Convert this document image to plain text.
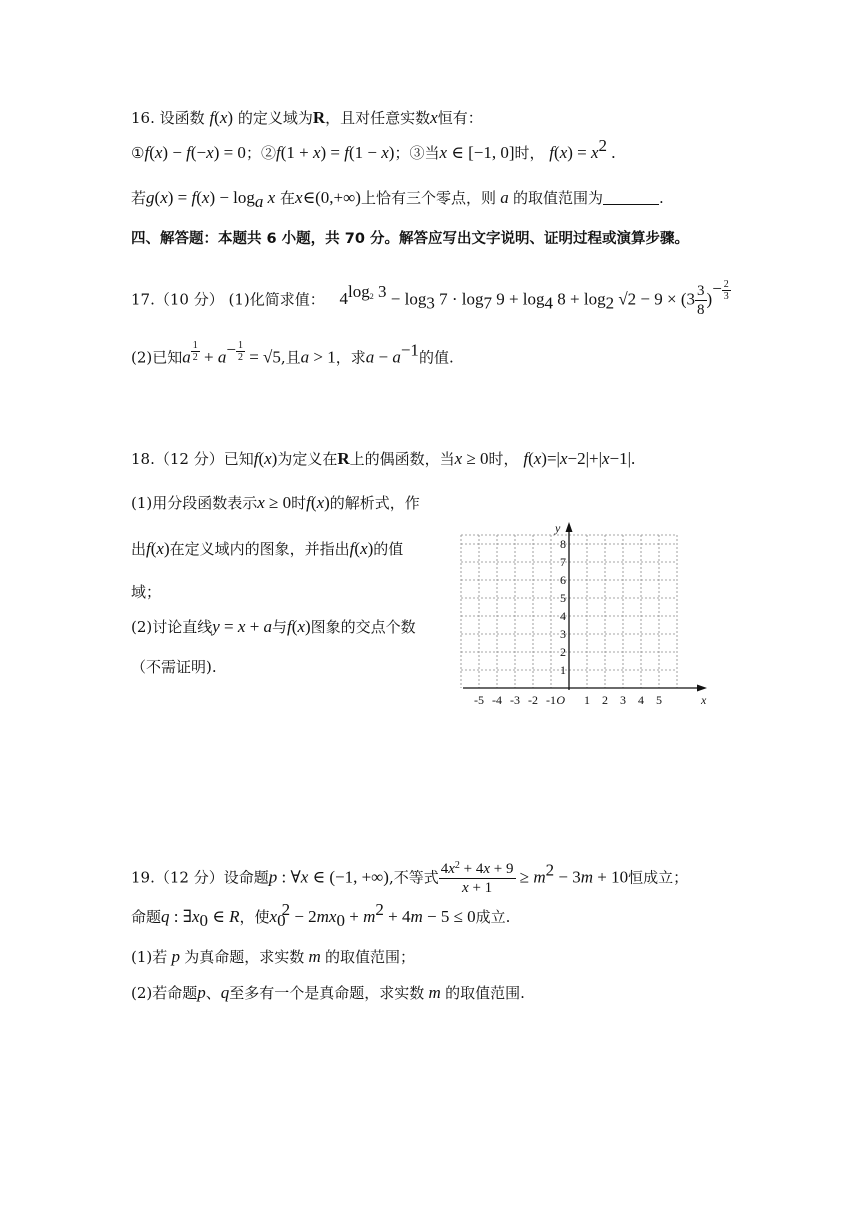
16. 设函数 f(x) 的定义域为R，且对任意实数x恒有：
①f(x) − f(−x) = 0；②f(1 + x) = f(1 − x)；③当x ∈ [−1, 0]时， $f(x) = x^2$ .
若$g(x) = f(x) - \log_a x$ 在x∈(0,+∞)上恰有三个零点，则 a 的取值范围为	.
四、解答题：本题共 6 小题，共 70 分。解答应写出文字说明、证明过程或演算步骤。
17.（10 分） (1)化简求值： $4^{log_2 3} - \log_3 7 \cdot \log_7 9 + \log_4 8 + \log_2 √2 - 9 \times (3 \frac{3}{8} )^{- \frac{2}{3}}$
(2)已知a $^{\frac{1}{2}} + a^{- \frac{1}{2}} = √5$,且a > 1，求$a - a^{-1}$的值.
18.（12 分）已知f(x)为定义在R上的偶函数，当x ≥ 0时， f(x)=|x−2|+|x−1|.
(1)用分段函数表示x ≥ 0时f(x)的解析式，作
出f(x)在定义域内的图象，并指出f(x)的值
域；
(2)讨论直线y = x + a与f(x)图象的交点个数
（不需证明).
-5 -4 -3 -2 -1 1 2 3 4 5
1
2
3
4
5
6
7
8
x
y
O
19.（12 分）设命题p : ∀x ∈ (−1, +∞),不等式 $\frac{4x^2 + 4x + 9}{x + 1} \ge m^2 - 3m + 10$恒成立；
命题q : $\exists x_0$ ∈ R，使$x_0^2 - 2mx_0 + m^2 + 4m - 5 \le 0$成立.
(1)若 p 为真命题，求实数 m 的取值范围；
(2)若命题p、q至多有一个是真命题，求实数 m 的取值范围.
